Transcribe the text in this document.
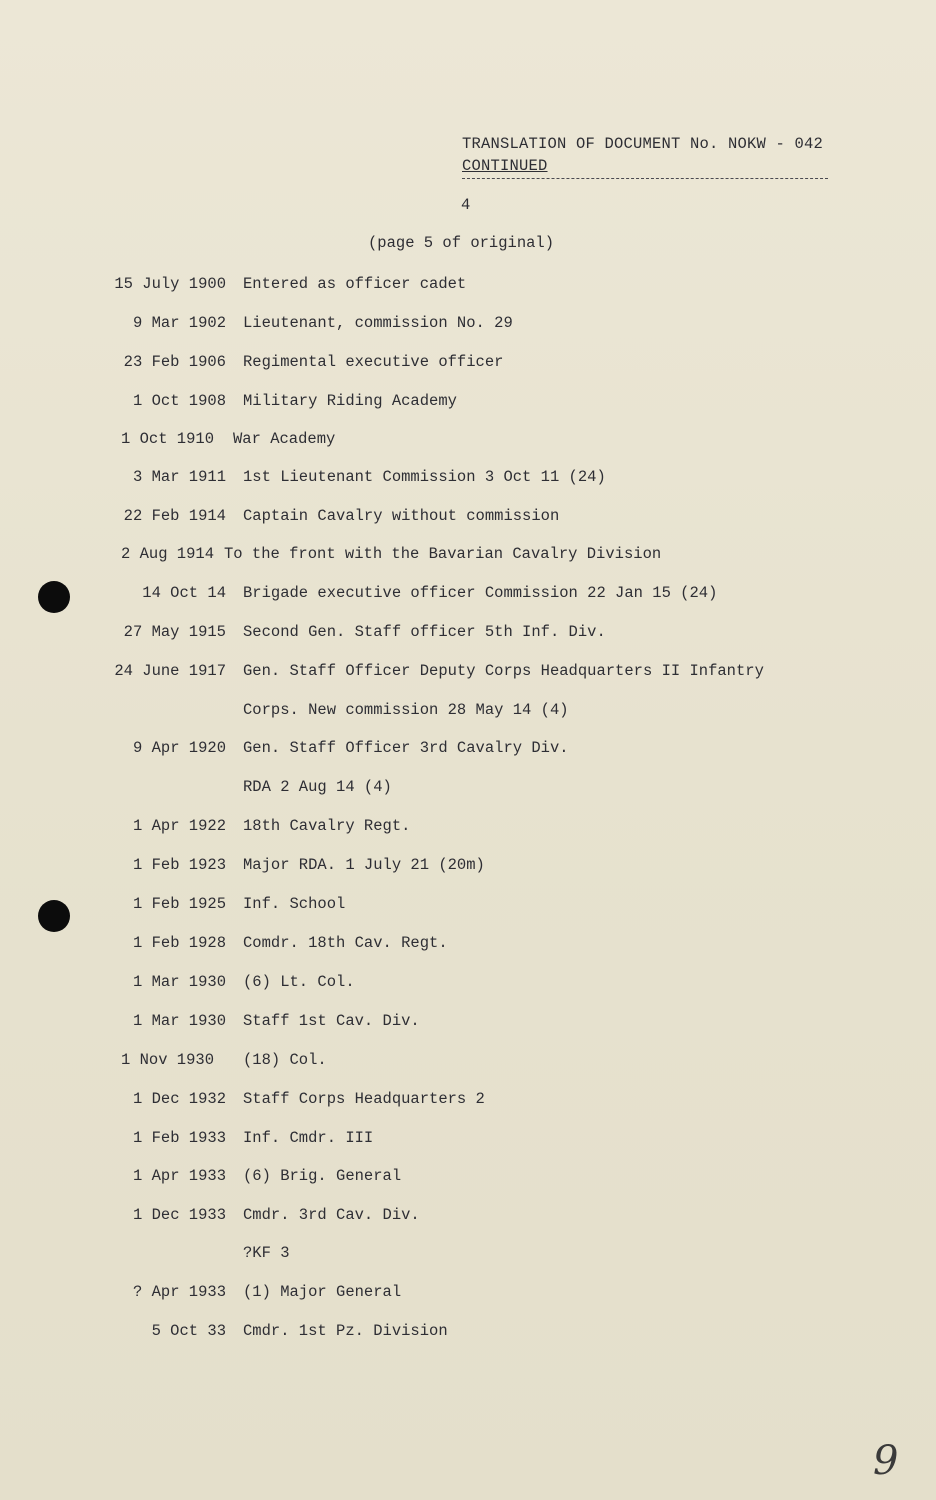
TRANSLATION OF DOCUMENT No. NOKW - 042
CONTINUED
4
(page 5 of original)
15 July 1900 Entered as officer cadet
9 Mar 1902 Lieutenant, commission No. 29
23 Feb 1906 Regimental executive officer
1 Oct 1908 Military Riding Academy
1 Oct 1910 War Academy
3 Mar 1911 1st Lieutenant Commission 3 Oct 11 (24)
22 Feb 1914 Captain Cavalry without commission
2 Aug 1914 To the front with the Bavarian Cavalry Division
14 Oct 14 Brigade executive officer Commission 22 Jan 15 (24)
27 May 1915 Second Gen. Staff officer 5th Inf. Div.
24 June 1917 Gen. Staff Officer Deputy Corps Headquarters II Infantry
Corps. New commission 28 May 14 (4)
9 Apr 1920 Gen. Staff Officer 3rd Cavalry Div.
RDA 2 Aug 14 (4)
1 Apr 1922 18th Cavalry Regt.
1 Feb 1923 Major RDA. 1 July 21 (20m)
1 Feb 1925 Inf. School
1 Feb 1928 Comdr. 18th Cav. Regt.
1 Mar 1930 (6) Lt. Col.
1 Mar 1930 Staff 1st Cav. Div.
1 Nov 1930 (18) Col.
1 Dec 1932 Staff Corps Headquarters 2
1 Feb 1933 Inf. Cmdr. III
1 Apr 1933 (6) Brig. General
1 Dec 1933 Cmdr. 3rd Cav. Div.
?KF 3
? Apr 1933 (1) Major General
5 Oct 33 Cmdr. 1st Pz. Division
9
